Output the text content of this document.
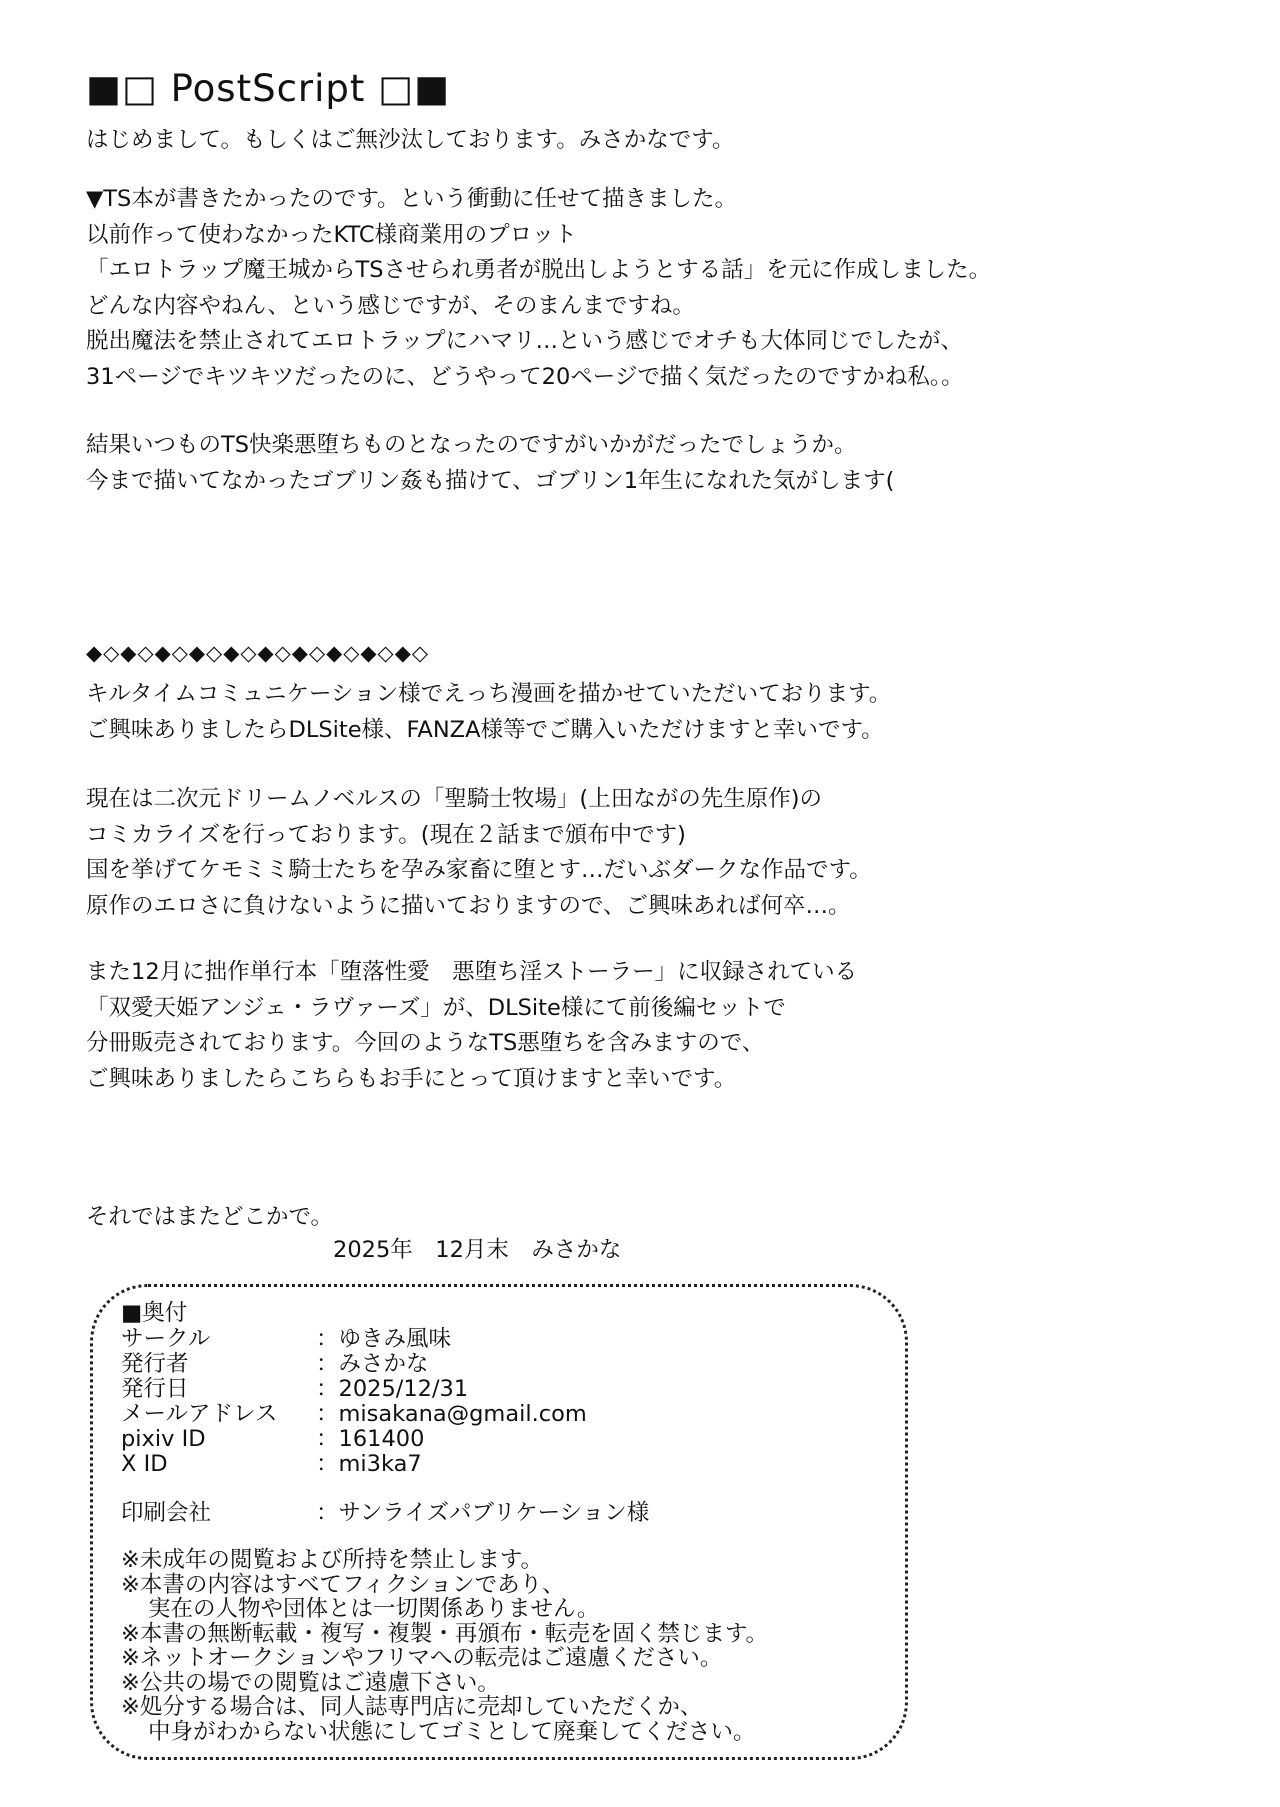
■□ PostScript □■
はじめまして。もしくはご無沙汰しております。みさかなです。
▼TS本が書きたかったのです。という衝動に任せて描きました。
以前作って使わなかったKTC様商業用のプロット
「エロトラップ魔王城からTSさせられ勇者が脱出しようとする話」を元に作成しました。
どんな内容やねん、という感じですが、そのまんまですね。
脱出魔法を禁止されてエロトラップにハマリ…という感じでオチも大体同じでしたが、
31ページでキツキツだったのに、どうやって20ページで描く気だったのですかね私。。
結果いつものTS快楽悪堕ちものとなったのですがいかがだったでしょうか。
今まで描いてなかったゴブリン姦も描けて、ゴブリン1年生になれた気がします(
◆◇◆◇◆◇◆◇◆◇◆◇◆◇◆◇◆◇◆◇
キルタイムコミュニケーション様でえっち漫画を描かせていただいております。
ご興味ありましたらDLSite様、FANZA様等でご購入いただけますと幸いです。
現在は二次元ドリームノベルスの「聖騎士牧場」(上田ながの先生原作)の
コミカライズを行っております。(現在２話まで頒布中です)
国を挙げてケモミミ騎士たちを孕み家畜に堕とす…だいぶダークな作品です。
原作のエロさに負けないように描いておりますので、ご興味あれば何卒…。
また12月に拙作単行本「堕落性愛　悪堕ち淫ストーラー」に収録されている
「双愛天姫アンジェ・ラヴァーズ」が、DLSite様にて前後編セットで
分冊販売されております。今回のようなTS悪堕ちを含みますので、
ご興味ありましたらこちらもお手にとって頂けますと幸いです。
それではまたどこかで。
2025年　12月末　みさかな
■奥付
サークル	：ゆきみ風味
発行者	：みさかな
発行日	：2025/12/31
メールアドレス ：misakana@gmail.com
pixiv ID	：161400
X ID	：mi3ka7
印刷会社	：サンライズパブリケーション様
※未成年の閲覧および所持を禁止します。
※本書の内容はすべてフィクションであり、
実在の人物や団体とは一切関係ありません。
※本書の無断転載・複写・複製・再頒布・転売を固く禁じます。
※ネットオークションやフリマへの転売はご遠慮ください。
※公共の場での閲覧はご遠慮下さい。
※処分する場合は、同人誌専門店に売却していただくか、
中身がわからない状態にしてゴミとして廃棄してください。
